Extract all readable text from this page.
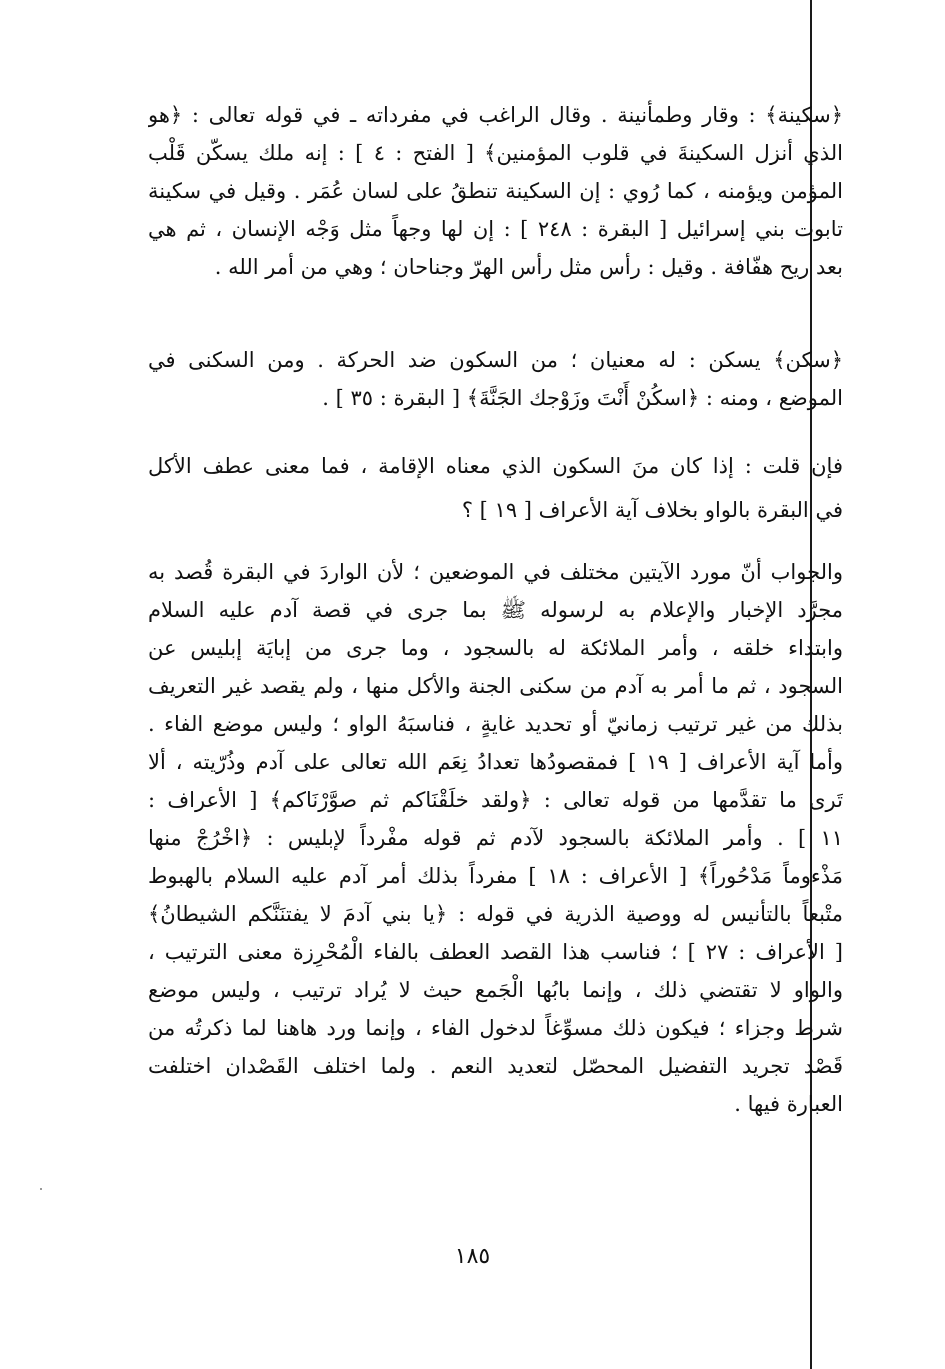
﴿سكينة﴾ : وقار وطمأنينة . وقال الراغب في مفرداته ـ في قوله تعالى : ﴿هو
الذي أنزل السكينةَ في قلوب المؤمنين﴾ [ الفتح : ٤ ] : إنه ملك يسكّن قَلْب
المؤمن ويؤمنه ، كما رُوي : إن السكينة تنطقُ على لسان عُمَر . وقيل في سكينة
تابوت بني إسرائيل [ البقرة : ٢٤٨ ] : إن لها وجهاً مثل وَجْه الإنسان ، ثم هي
بعد ريح هفّافة . وقيل : رأس مثل رأس الهرّ وجناحان ؛ وهي من أمر الله .
﴿سكن﴾ يسكن : له معنيان ؛ من السكون ضد الحركة . ومن السكنى في
الموضع ، ومنه : ﴿اسكُنْ أَنْتَ وزَوْجك الجَنَّةَ﴾ [ البقرة : ٣٥ ] .
فإن قلت : إذا كان منَ السكون الذي معناه الإقامة ، فما معنى عطف الأكل
في البقرة بالواو بخلاف آية الأعراف [ ١٩ ] ؟
والجواب أنّ مورد الآيتين مختلف في الموضعين ؛ لأن الواردَ في البقرة قُصد به
مجرَّد الإخبار والإعلام به لرسوله ﷺ بما جرى في قصة آدم عليه السلام
وابتداء خلقه ، وأمر الملائكة له بالسجود ، وما جرى من إبايَة إبليس عن
السجود ، ثم ما أمر به آدم من سكنى الجنة والأكل منها ، ولم يقصد غير التعريف
بذلك من غير ترتيب زمانيّ أو تحديد غايةٍ ، فناسبَهُ الواو ؛ وليس موضع الفاء .
وأما آية الأعراف [ ١٩ ] فمقصودُها تعدادُ نِعَم الله تعالى على آدم وذُرّيته ، ألا
تَرى ما تقدَّمها من قوله تعالى : ﴿ولقد خلَقْنَاكم ثم صوَّرْنَاكم﴾ [ الأعراف :
١١ ] . وأمر الملائكة بالسجود لآدم ثم قوله مفْرداً لإبليس : ﴿اخْرُجْ منها
مَذْءوماً مَدْحُوراً﴾ [ الأعراف : ١٨ ] مفرداً بذلك أمر آدم عليه السلام بالهبوط
متْبعاً بالتأنيس له ووصية الذرية في قوله : ﴿يا بني آدمَ لا يفتنَنَّكم الشيطانُ﴾
[ الأعراف : ٢٧ ] ؛ فناسب هذا القصد العطف بالفاء الْمُحْرِزة معنى الترتيب ،
والواو لا تقتضي ذلك ، وإنما بابُها الْجَمع حيث لا يُراد ترتيب ، وليس موضع
شرط وجزاء ؛ فيكون ذلك مسوِّغاً لدخول الفاء ، وإنما ورد هاهنا لما ذكرتُه من
قَصْد تجريد التفضيل المحصّل لتعديد النعم . ولما اختلف القَصْدان اختلفت
العبارة فيها .
١٨٥
